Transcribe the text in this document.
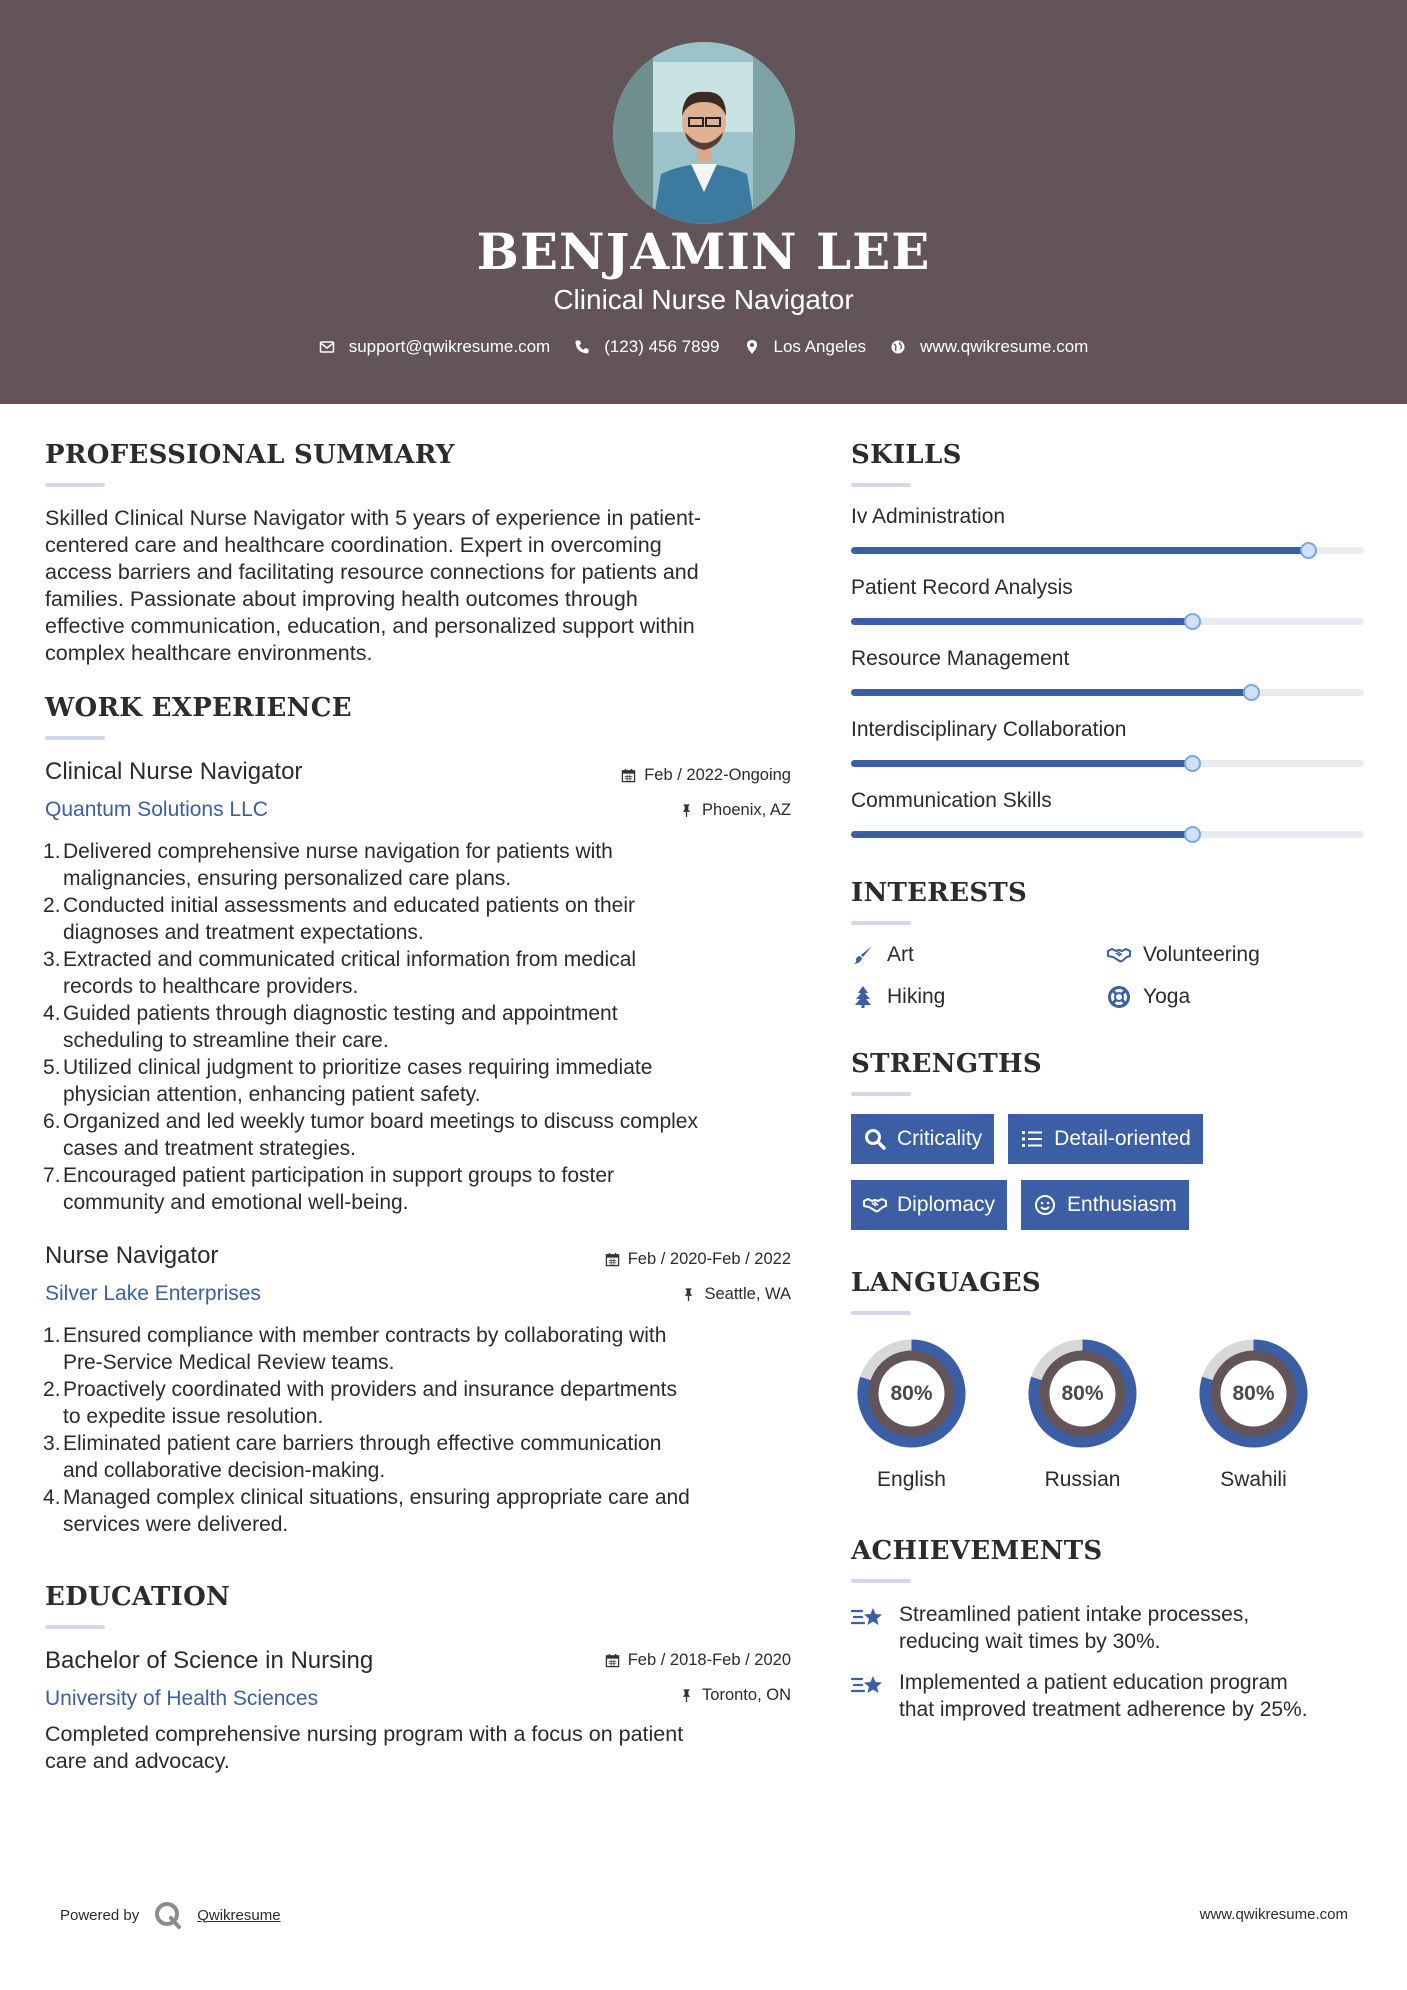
BENJAMIN LEE
Clinical Nurse Navigator
support@qwikresume.com	(123) 456 7899	Los Angeles	www.qwikresume.com
PROFESSIONAL SUMMARY
Skilled Clinical Nurse Navigator with 5 years of experience in patient-
centered care and healthcare coordination. Expert in overcoming
access barriers and facilitating resource connections for patients and
families. Passionate about improving health outcomes through
effective communication, education, and personalized support within
complex healthcare environments.
WORK EXPERIENCE
Clinical Nurse Navigator
Quantum Solutions LLC
Feb / 2022-Ongoing
Phoenix, AZ
Delivered comprehensive nurse navigation for patients with
malignancies, ensuring personalized care plans.
Conducted initial assessments and educated patients on their
diagnoses and treatment expectations.
Extracted and communicated critical information from medical
records to healthcare providers.
Guided patients through diagnostic testing and appointment
scheduling to streamline their care.
Utilized clinical judgment to prioritize cases requiring immediate
physician attention, enhancing patient safety.
Organized and led weekly tumor board meetings to discuss complex
cases and treatment strategies.
Encouraged patient participation in support groups to foster
community and emotional well-being.
Nurse Navigator
Silver Lake Enterprises
Feb / 2020-Feb / 2022
Seattle, WA
Ensured compliance with member contracts by collaborating with
Pre-Service Medical Review teams.
Proactively coordinated with providers and insurance departments
to expedite issue resolution.
Eliminated patient care barriers through effective communication
and collaborative decision-making.
Managed complex clinical situations, ensuring appropriate care and
services were delivered.
EDUCATION
Bachelor of Science in Nursing
University of Health Sciences
Feb / 2018-Feb / 2020
Toronto, ON
Completed comprehensive nursing program with a focus on patient
care and advocacy.
SKILLS
Iv Administration
Patient Record Analysis
Resource Management
Interdisciplinary Collaboration
Communication Skills
INTERESTS
Art	Volunteering
Hiking	Yoga
STRENGTHS
Criticality	Detail-oriented
Diplomacy	Enthusiasm
LANGUAGES
80%
English
80%
Russian
80%
Swahili
ACHIEVEMENTS
Streamlined patient intake processes,
reducing wait times by 30%.
Implemented a patient education program
that improved treatment adherence by 25%.
Powered by	Qwikresume	www.qwikresume.com
